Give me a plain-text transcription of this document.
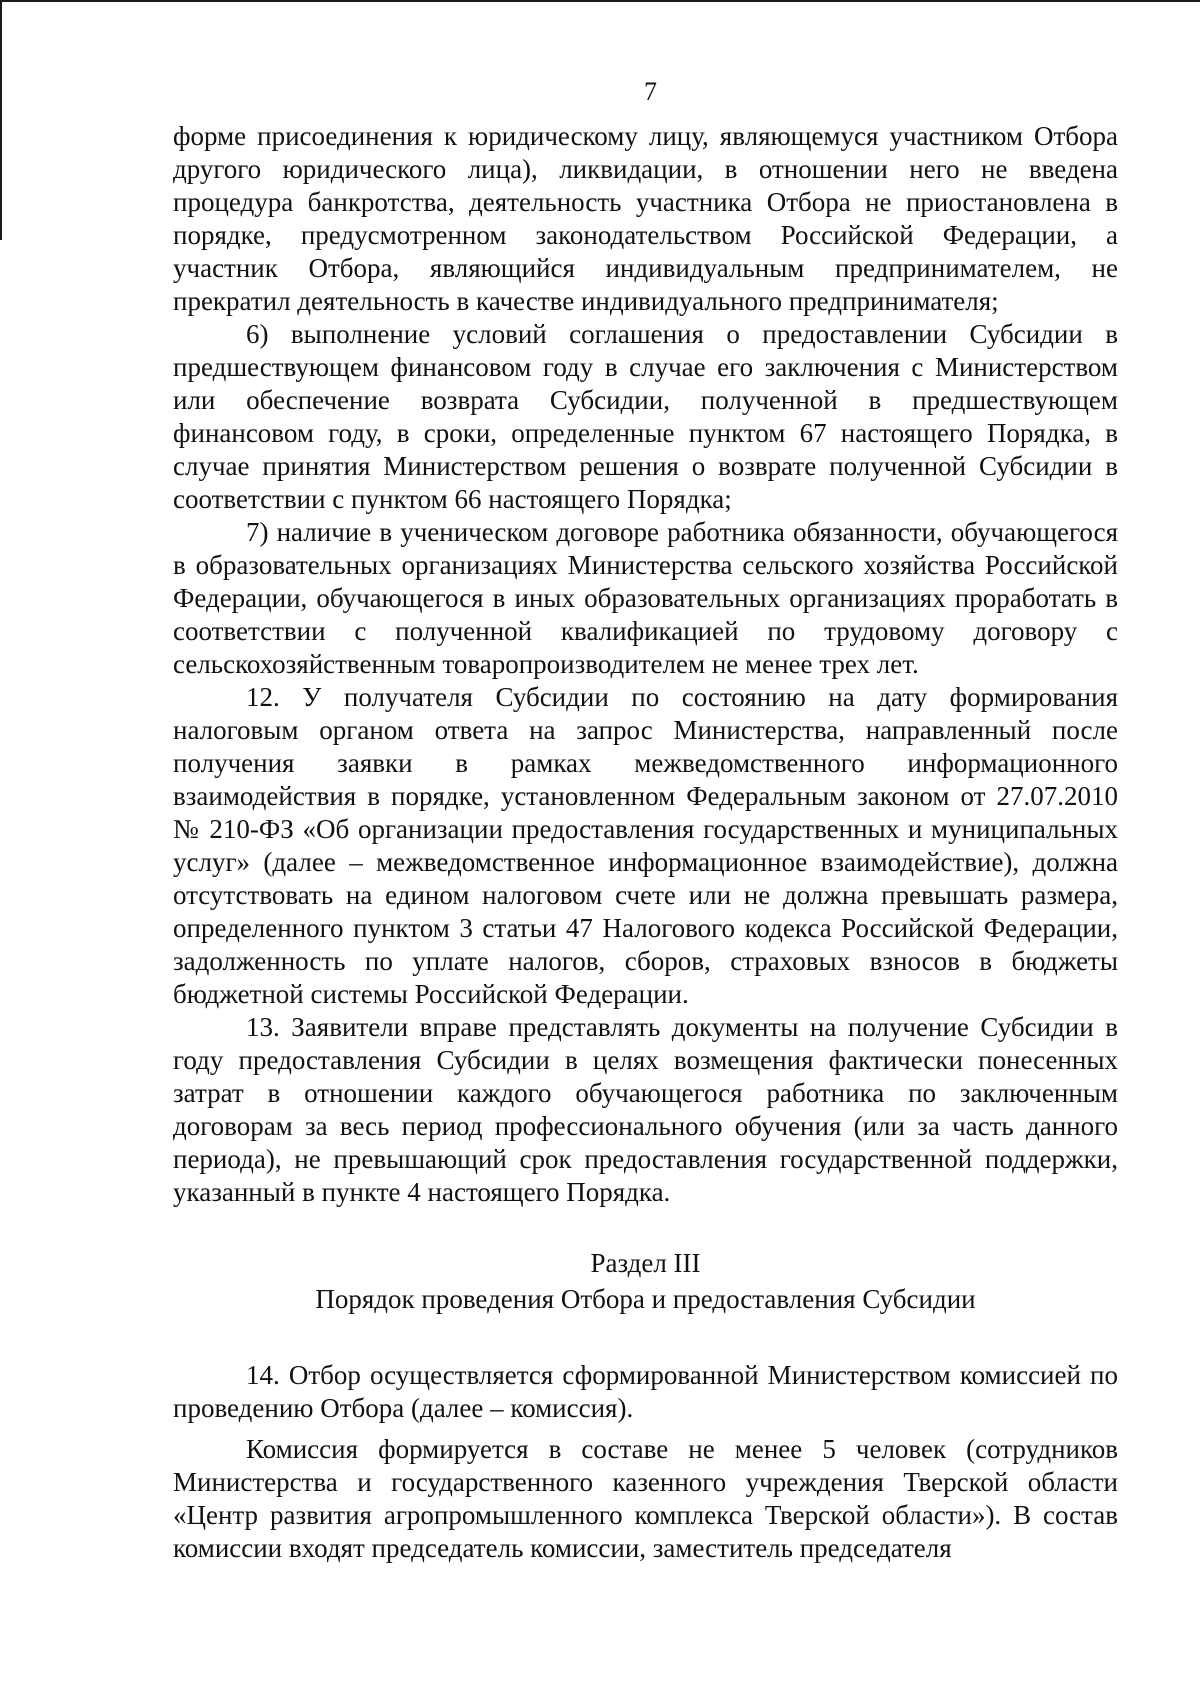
7

форме присоединения к юридическому лицу, являющемуся участником Отбора другого юридического лица), ликвидации, в отношении него не введена процедура банкротства, деятельность участника Отбора не приостановлена в порядке, предусмотренном законодательством Российской Федерации, а участник Отбора, являющийся индивидуальным предпринимателем, не прекратил деятельность в качестве индивидуального предпринимателя;

6) выполнение условий соглашения о предоставлении Субсидии в предшествующем финансовом году в случае его заключения с Министерством или обеспечение возврата Субсидии, полученной в предшествующем финансовом году, в сроки, определенные пунктом 67 настоящего Порядка, в случае принятия Министерством решения о возврате полученной Субсидии в соответствии с пунктом 66 настоящего Порядка;

7) наличие в ученическом договоре работника обязанности, обучающегося в образовательных организациях Министерства сельского хозяйства Российской Федерации, обучающегося в иных образовательных организациях проработать в соответствии с полученной квалификацией по трудовому договору с сельскохозяйственным товаропроизводителем не менее трех лет.

12. У получателя Субсидии по состоянию на дату формирования налоговым органом ответа на запрос Министерства, направленный после получения заявки в рамках межведомственного информационного взаимодействия в порядке, установленном Федеральным законом от 27.07.2010 № 210-ФЗ «Об организации предоставления государственных и муниципальных услуг» (далее – межведомственное информационное взаимодействие), должна отсутствовать на едином налоговом счете или не должна превышать размера, определенного пунктом 3 статьи 47 Налогового кодекса Российской Федерации, задолженность по уплате налогов, сборов, страховых взносов в бюджеты бюджетной системы Российской Федерации.

13. Заявители вправе представлять документы на получение Субсидии в году предоставления Субсидии в целях возмещения фактически понесенных затрат в отношении каждого обучающегося работника по заключенным договорам за весь период профессионального обучения (или за часть данного периода), не превышающий срок предоставления государственной поддержки, указанный в пункте 4 настоящего Порядка.

Раздел III
Порядок проведения Отбора и предоставления Субсидии

14. Отбор осуществляется сформированной Министерством комиссией по проведению Отбора (далее – комиссия).

Комиссия формируется в составе не менее 5 человек (сотрудников Министерства и государственного казенного учреждения Тверской области «Центр развития агропромышленного комплекса Тверской области»). В состав комиссии входят председатель комиссии, заместитель председателя
